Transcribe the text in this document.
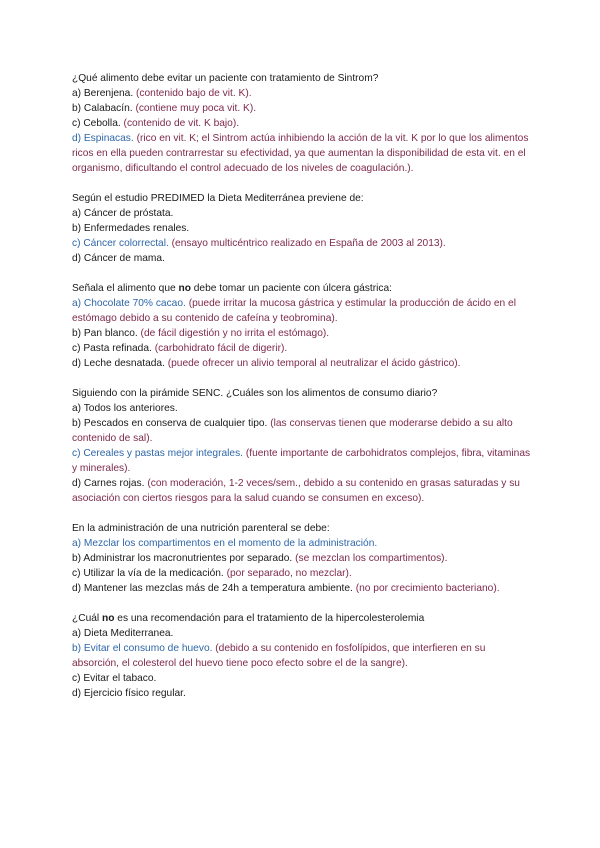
¿Qué alimento debe evitar un paciente con tratamiento de Sintrom?

a) Berenjena. (contenido bajo de vit. K).

b) Calabacín. (contiene muy poca vit. K).

c) Cebolla. (contenido de vit. K bajo).

d) Espinacas. (rico en vit. K; el Sintrom actúa inhibiendo la acción de la vit. K por lo que los alimentos ricos en ella pueden contrarrestar su efectividad, ya que aumentan la disponibilidad de esta vit. en el organismo, dificultando el control adecuado de los niveles de coagulación.).

Según el estudio PREDIMED la Dieta Mediterránea previene de:

a) Cáncer de próstata.

b) Enfermedades renales.

c) Cáncer colorrectal. (ensayo multicéntrico realizado en España de 2003 al 2013).

d) Cáncer de mama.

Señala el alimento que no debe tomar un paciente con úlcera gástrica:

a) Chocolate 70% cacao. (puede irritar la mucosa gástrica y estimular la producción de ácido en el estómago debido a su contenido de cafeína y teobromina).

b) Pan blanco. (de fácil digestión y no irrita el estómago).

c) Pasta refinada. (carbohidrato fácil de digerir).

d) Leche desnatada. (puede ofrecer un alivio temporal al neutralizar el ácido gástrico).

Siguiendo con la pirámide SENC. ¿Cuáles son los alimentos de consumo diario?

a) Todos los anteriores.

b) Pescados en conserva de cualquier tipo. (las conservas tienen que moderarse debido a su alto contenido de sal).

c) Cereales y pastas mejor integrales. (fuente importante de carbohidratos complejos, fibra, vitaminas y minerales).

d) Carnes rojas. (con moderación, 1-2 veces/sem., debido a su contenido en grasas saturadas y su asociación con ciertos riesgos para la salud cuando se consumen en exceso).

En la administración de una nutrición parenteral se debe:

a) Mezclar los compartimentos en el momento de la administración.

b) Administrar los macronutrientes por separado. (se mezclan los compartimentos).

c) Utilizar la vía de la medicación. (por separado, no mezclar).

d) Mantener las mezclas más de 24h a temperatura ambiente. (no por crecimiento bacteriano).

¿Cuál no es una recomendación para el tratamiento de la hipercolesterolemia

a) Dieta Mediterranea.

b) Evitar el consumo de huevo. (debido a su contenido en fosfolípidos, que interfieren en su absorción, el colesterol del huevo tiene poco efecto sobre el de la sangre).

c) Evitar el tabaco.

d) Ejercicio físico regular.
